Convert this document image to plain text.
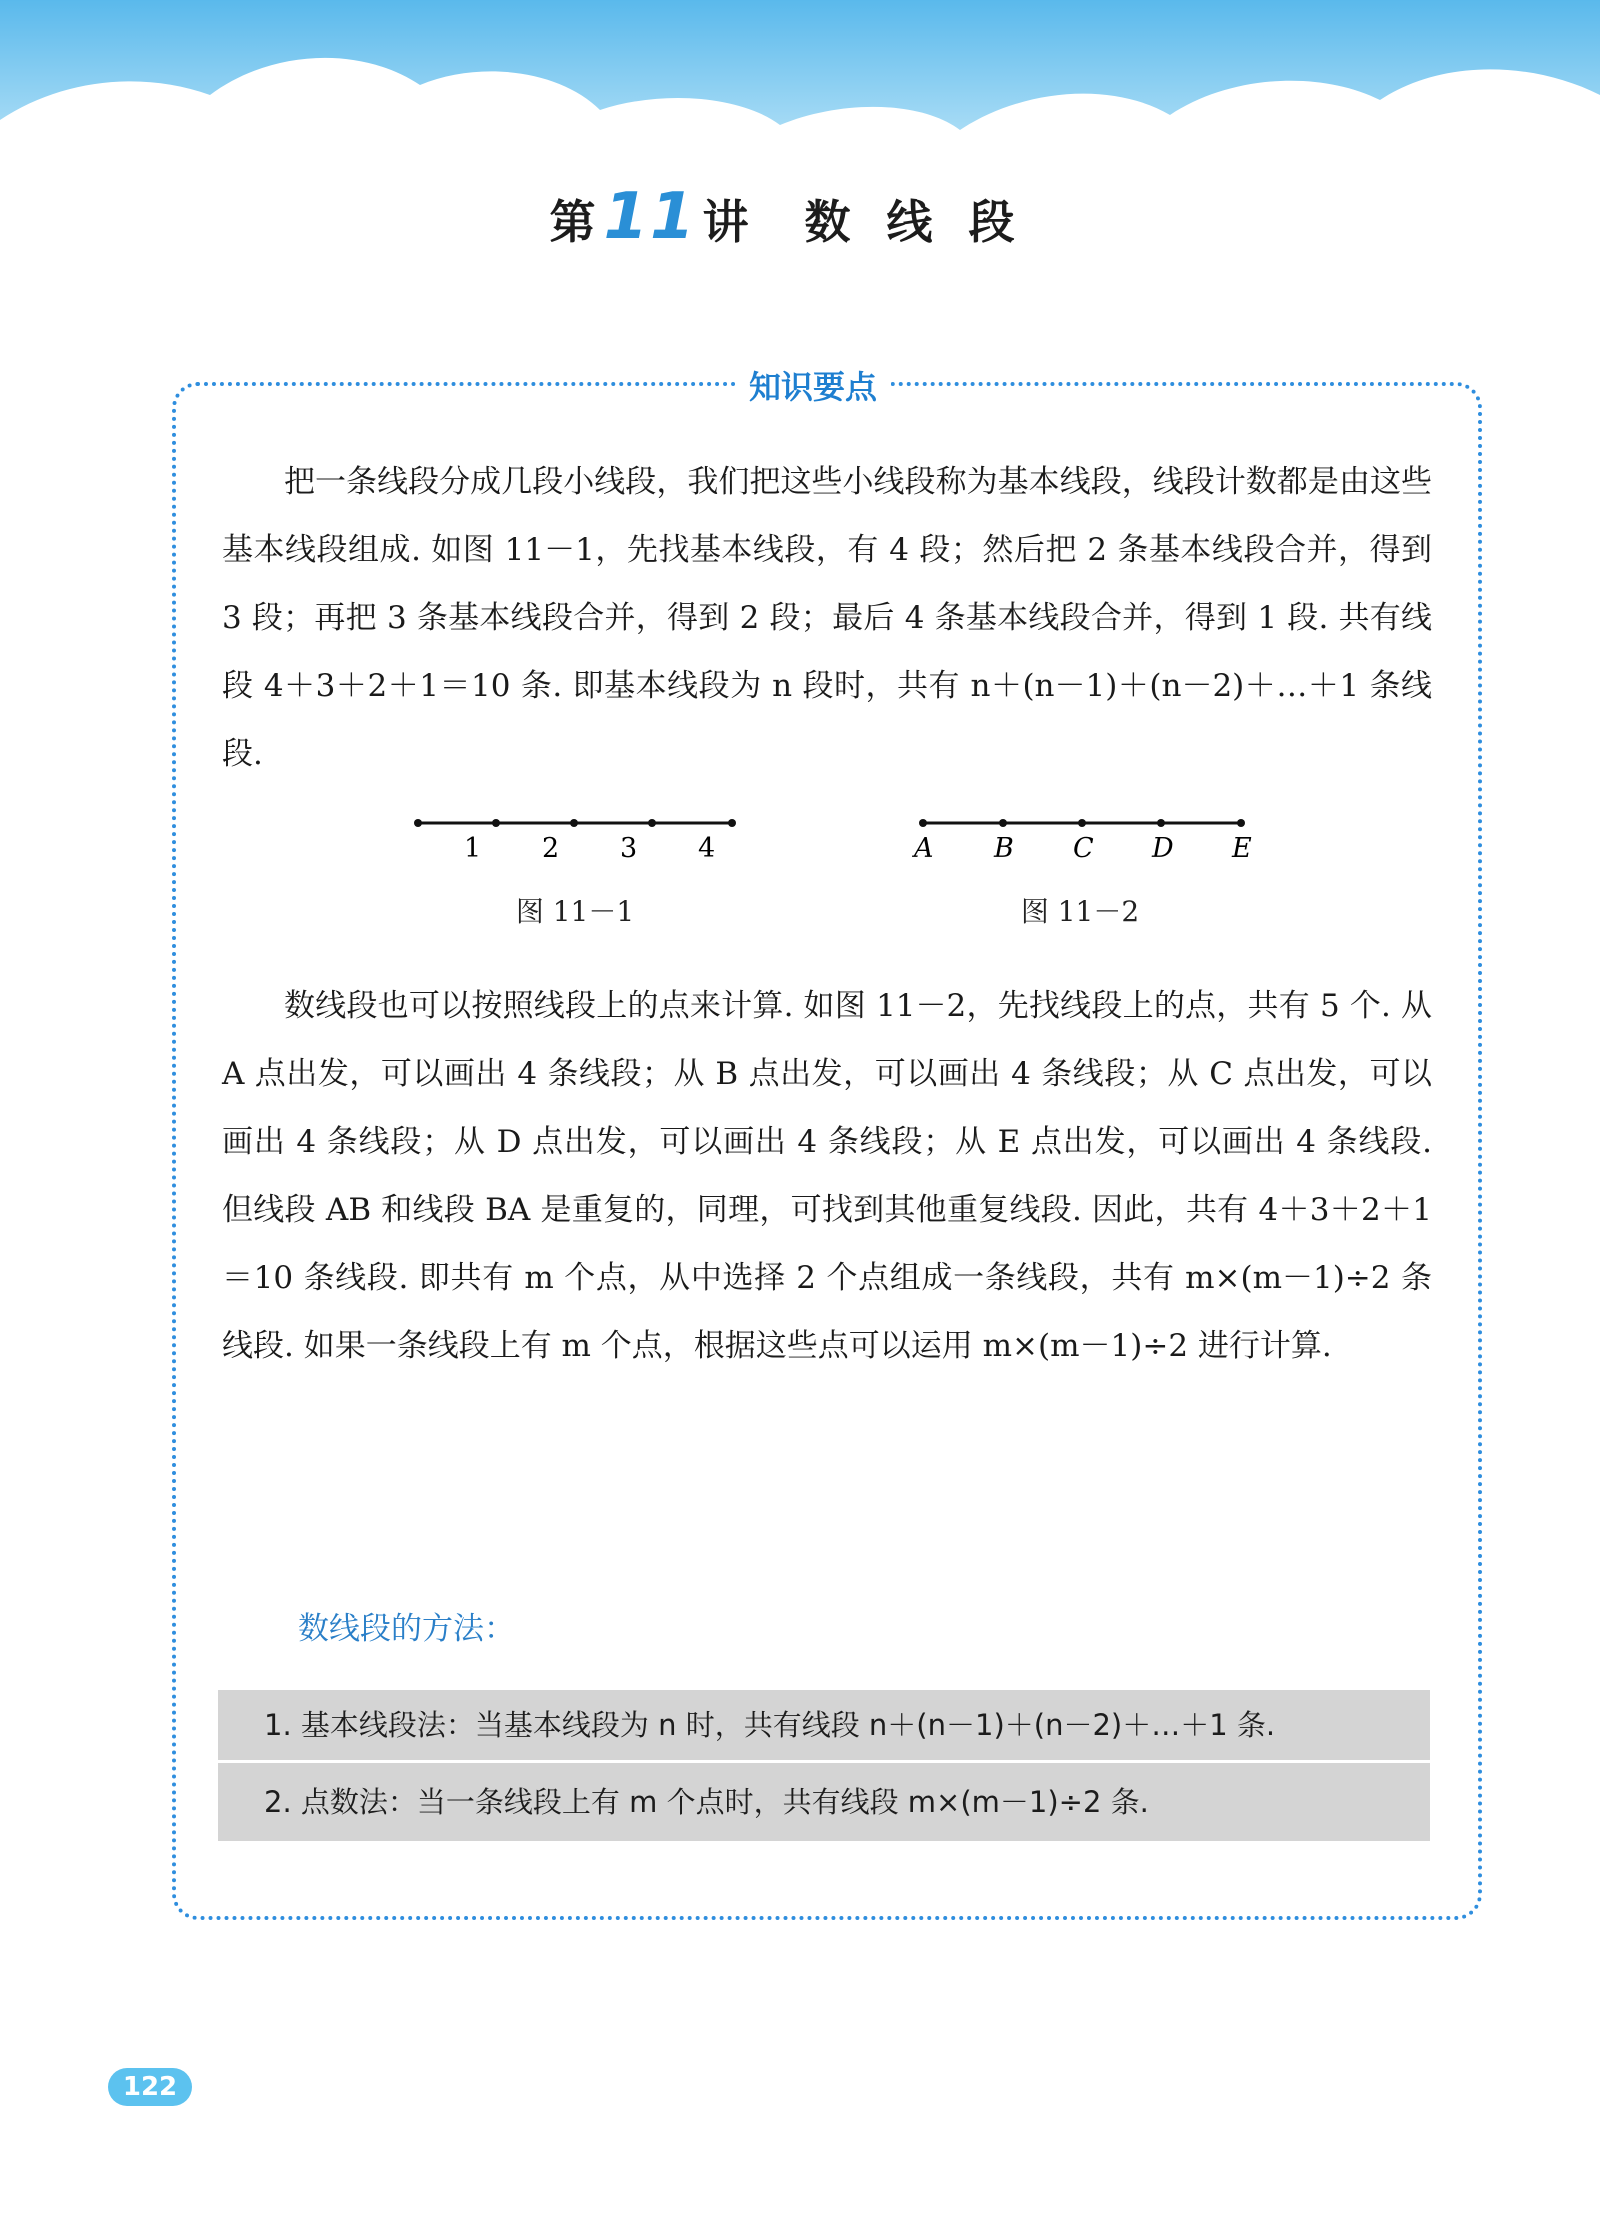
第11 讲 数线段
知识要点

把一条线段分成几段小线段，我们把这些小线段称为基本线段，线段计数都是由这些基本线段组成. 如图 11－1，先找基本线段，有 4 段；然后把 2 条基本线段合并，得到 3 段；再把 3 条基本线段合并，得到 2 段；最后 4 条基本线段合并，得到 1 段. 共有线段 4＋3＋2＋1＝10 条. 即基本线段为 n 段时，共有 n＋(n－1)＋(n－2)＋…＋1 条线段.

1 2 3 4
图 11－1
A B C D E
图 11－2

数线段也可以按照线段上的点来计算. 如图 11－2，先找线段上的点，共有 5 个. 从 A 点出发，可以画出 4 条线段；从 B 点出发，可以画出 4 条线段；从 C 点出发，可以画出 4 条线段；从 D 点出发，可以画出 4 条线段；从 E 点出发，可以画出 4 条线段. 但线段 AB 和线段 BA 是重复的，同理，可找到其他重复线段. 因此，共有 4＋3＋2＋1＝10 条线段. 即共有 m 个点，从中选择 2 个点组成一条线段，共有 m×(m－1)÷2 条线段. 如果一条线段上有 m 个点，根据这些点可以运用 m×(m－1)÷2 进行计算.

数线段的方法：
1. 基本线段法：当基本线段为 n 时，共有线段 n＋(n－1)＋(n－2)＋…＋1 条.
2. 点数法：当一条线段上有 m 个点时，共有线段 m×(m－1)÷2 条.
122
